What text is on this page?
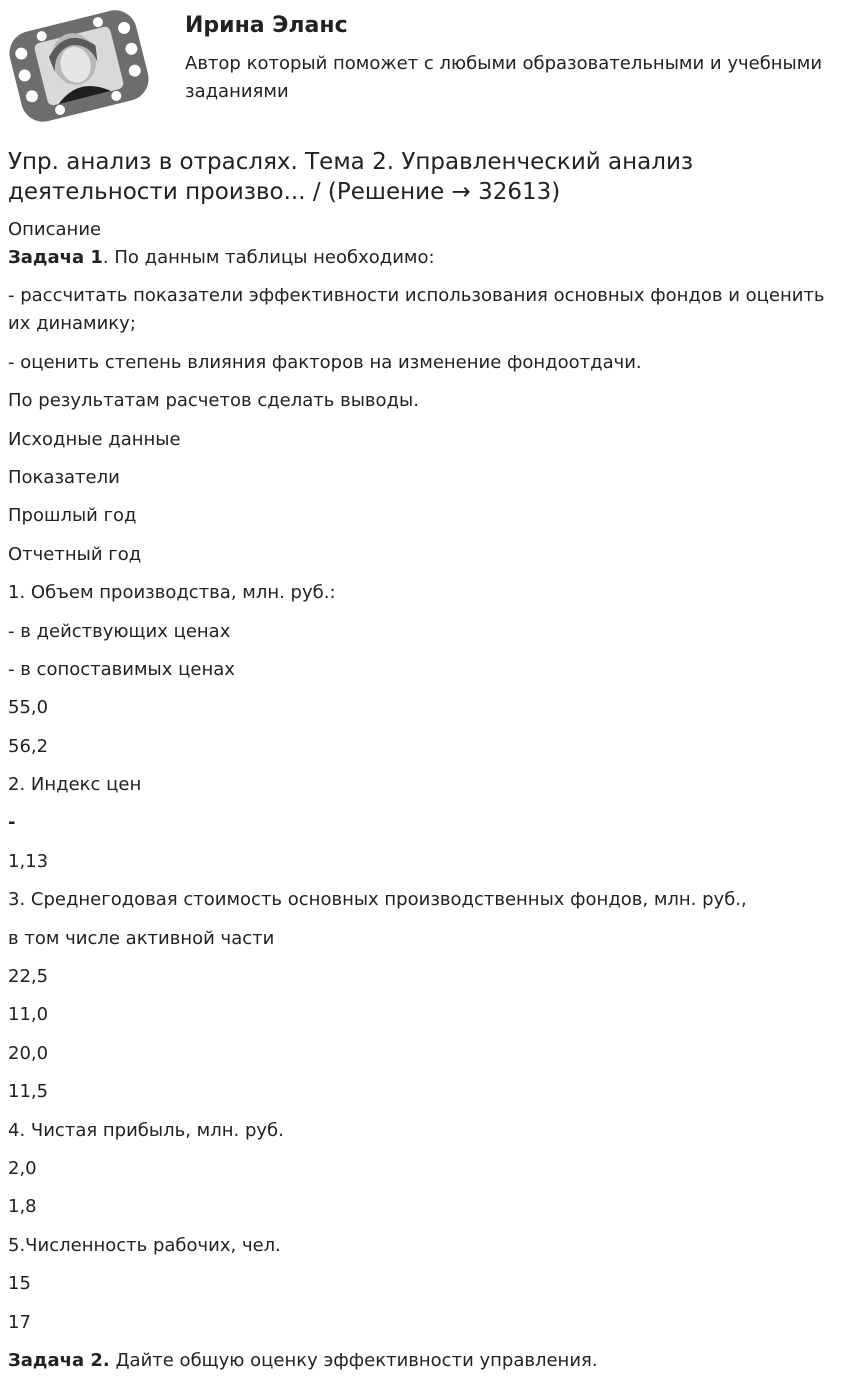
Ирина Эланс

Автор который поможет с любыми образовательными и учебными заданиями

Упр. анализ в отраслях. Тема 2. Управленческий анализ деятельности произво... / (Решение → 32613)

Описание

Задача 1. По данным таблицы необходимо:

- рассчитать показатели эффективности использования основных фондов и оценить их динамику;

- оценить степень влияния факторов на изменение фондоотдачи.

По результатам расчетов сделать выводы.

Исходные данные

Показатели

Прошлый год

Отчетный год

1. Объем производства, млн. руб.:

- в действующих ценах

- в сопоставимых ценах

55,0

56,2

2. Индекс цен

-

1,13

3. Среднегодовая стоимость основных производственных фондов, млн. руб.,

в том числе активной части

22,5

11,0

20,0

11,5

4. Чистая прибыль, млн. руб.

2,0

1,8

5.Численность рабочих, чел.

15

17

Задача 2. Дайте общую оценку эффективности управления.
